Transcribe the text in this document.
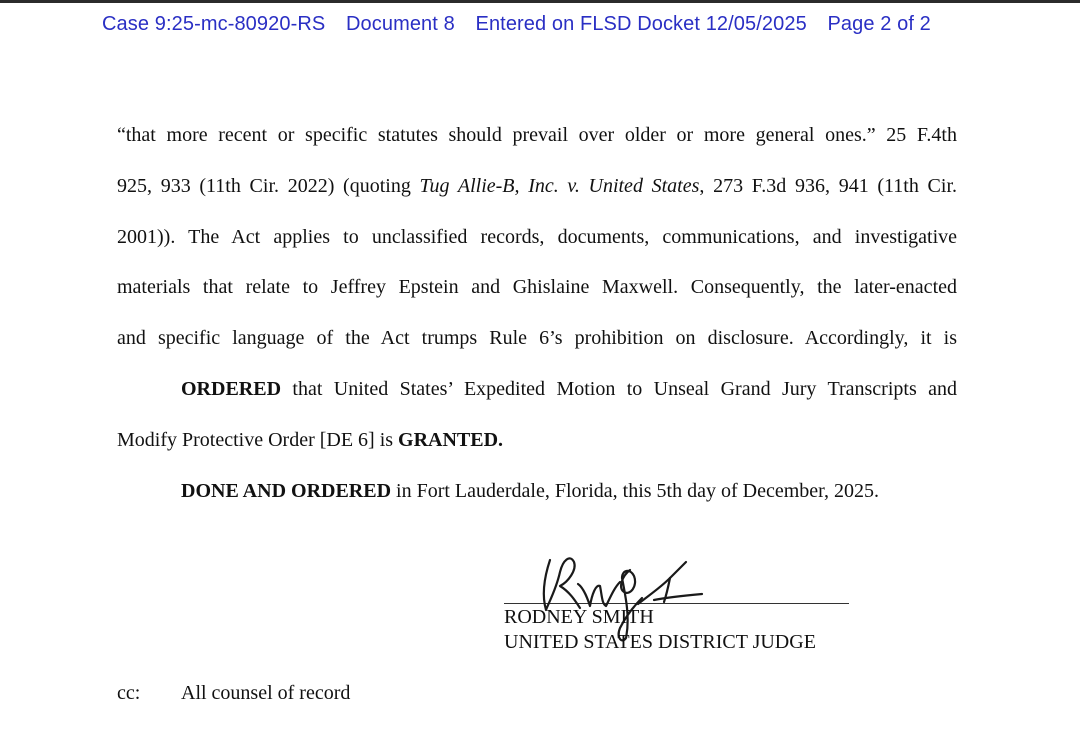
Case 9:25-mc-80920-RS Document 8 Entered on FLSD Docket 12/05/2025 Page 2 of 2
“that more recent or specific statutes should prevail over older or more general ones.” 25 F.4th
925, 933 (11th Cir. 2022) (quoting Tug Allie-B, Inc. v. United States, 273 F.3d 936, 941 (11th Cir.
2001)). The Act applies to unclassified records, documents, communications, and investigative
materials that relate to Jeffrey Epstein and Ghislaine Maxwell. Consequently, the later-enacted
and specific language of the Act trumps Rule 6’s prohibition on disclosure. Accordingly, it is
ORDERED that United States’ Expedited Motion to Unseal Grand Jury Transcripts and
Modify Protective Order [DE 6] is GRANTED.
DONE AND ORDERED in Fort Lauderdale, Florida, this 5th day of December, 2025.
RODNEY SMITH
UNITED STATES DISTRICT JUDGE
cc: All counsel of record
